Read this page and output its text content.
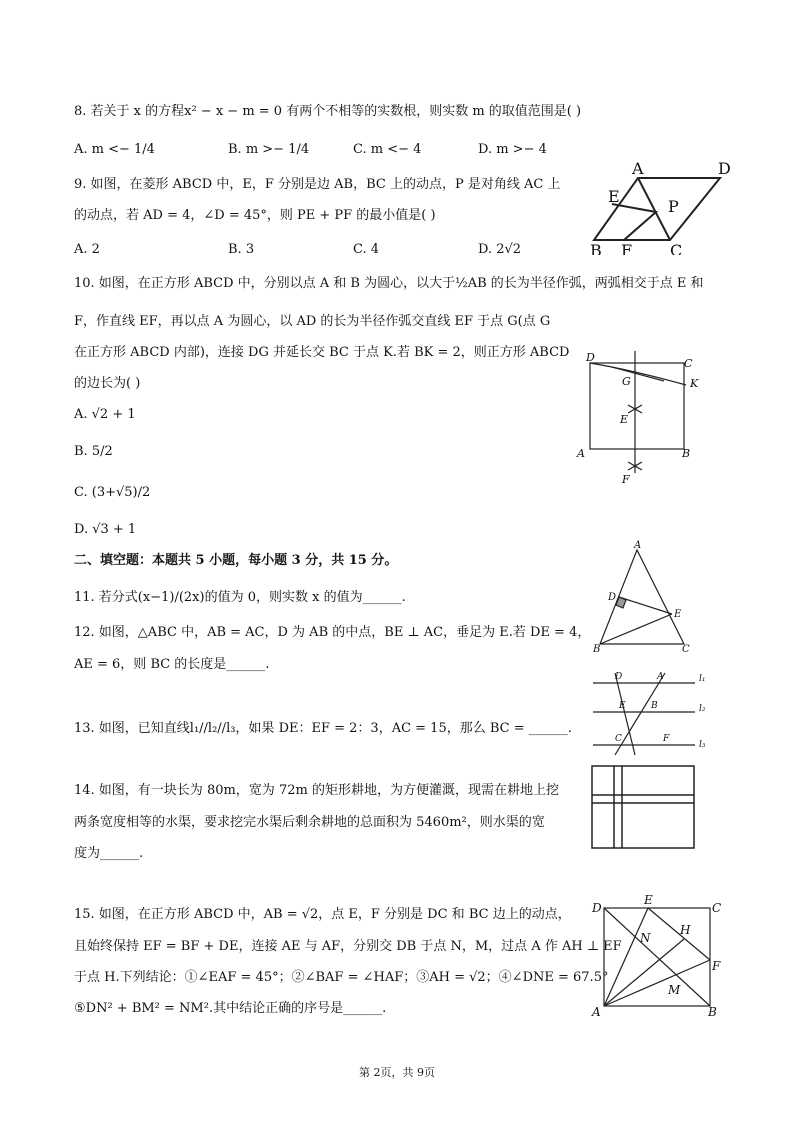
8. 若关于 x 的方程x² − x − m = 0 有两个不相等的实数根，则实数 m 的取值范围是( )
A. m <− 1/4	B. m >− 1/4	C. m <− 4	D. m >− 4
9. 如图，在菱形 ABCD 中，E，F 分别是边 AB，BC 上的动点，P 是对角线 AC 上
的动点，若 AD = 4，∠D = 45°，则 PE + PF 的最小值是( )
A. 2	B. 3	C. 4	D. 2√2
A	D
E
P
B F C
10. 如图，在正方形 ABCD 中，分别以点 A 和 B 为圆心，以大于½AB 的长为半径作弧，两弧相交于点 E 和
F，作直线 EF，再以点 A 为圆心，以 AD 的长为半径作弧交直线 EF 于点 G(点 G
在正方形 ABCD 内部)，连接 DG 并延长交 BC 于点 K.若 BK = 2，则正方形 ABCD
的边长为( )
A. √2 + 1
B. 5/2
C. (3+√5)/2
D. √3 + 1
D	C
G	K
E
A	B
F
二、填空题：本题共 5 小题，每小题 3 分，共 15 分。
11. 若分式(x−1)/(2x)的值为 0，则实数 x 的值为______.
12. 如图，△ABC 中，AB = AC，D 为 AB 的中点，BE ⊥ AC，垂足为 E.若 DE = 4，
AE = 6，则 BC 的长度是______.
A
D
E
B	C
13. 如图，已知直线l₁//l₂//l₃，如果 DE：EF = 2：3，AC = 15，那么 BC = ______.
D	A	l₁
E	B	l₂
C	F
l₃
14. 如图，有一块长为 80m，宽为 72m 的矩形耕地，为方便灌溉，现需在耕地上挖
两条宽度相等的水渠，要求挖完水渠后剩余耕地的总面积为 5460m²，则水渠的宽
度为______.
15. 如图，在正方形 ABCD 中，AB = √2，点 E，F 分别是 DC 和 BC 边上的动点，
且始终保持 EF = BF + DE，连接 AE 与 AF，分别交 DB 于点 N，M，过点 A 作 AH ⊥ EF
于点 H.下列结论：①∠EAF = 45°；②∠BAF = ∠HAF；③AH = √2；④∠DNE = 67.5°
⑤DN² + BM² = NM².其中结论正确的序号是______.
D
E
C
N
H
F
M
A	B
第 2页，共 9页
